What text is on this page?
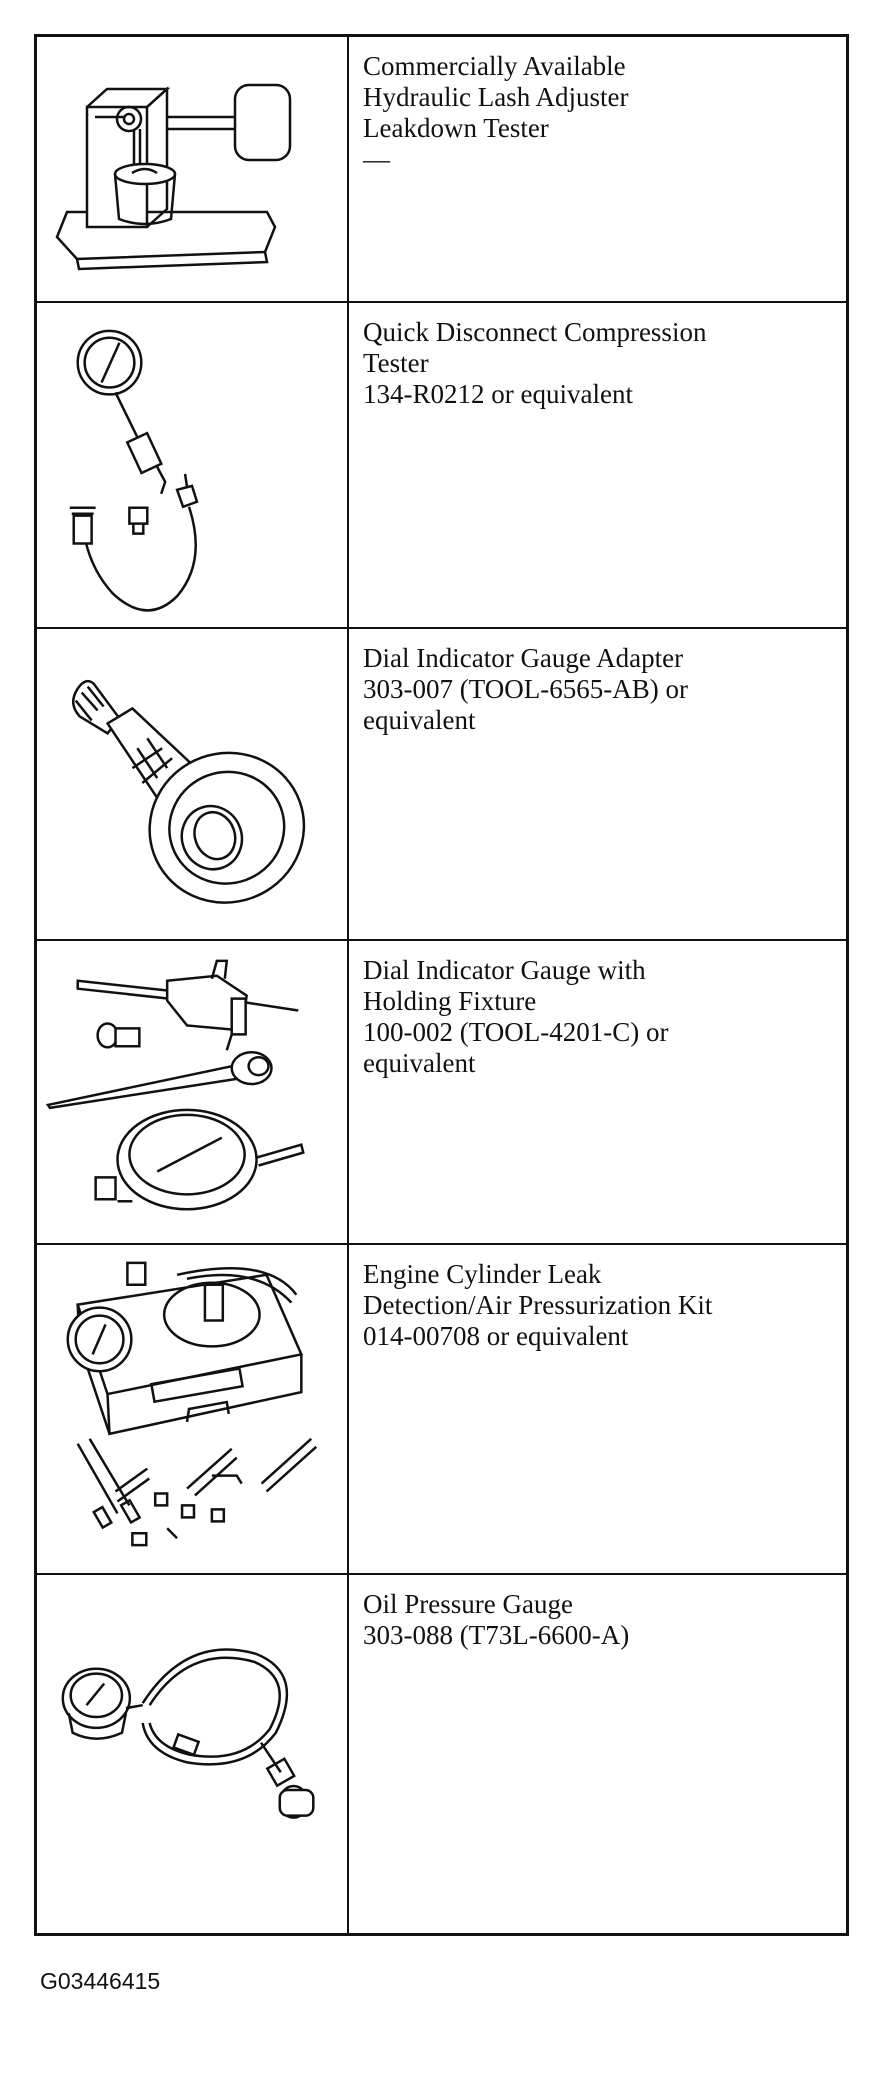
Commercially Available
Hydraulic Lash Adjuster
Leakdown Tester
—
Quick Disconnect Compression
Tester
134-R0212 or equivalent
Dial Indicator Gauge Adapter
303-007 (TOOL-6565-AB) or
equivalent
Dial Indicator Gauge with
Holding Fixture
100-002 (TOOL-4201-C) or
equivalent
Engine Cylinder Leak
Detection/Air Pressurization Kit
014-00708 or equivalent
Oil Pressure Gauge
303-088 (T73L-6600-A)
G03446415
